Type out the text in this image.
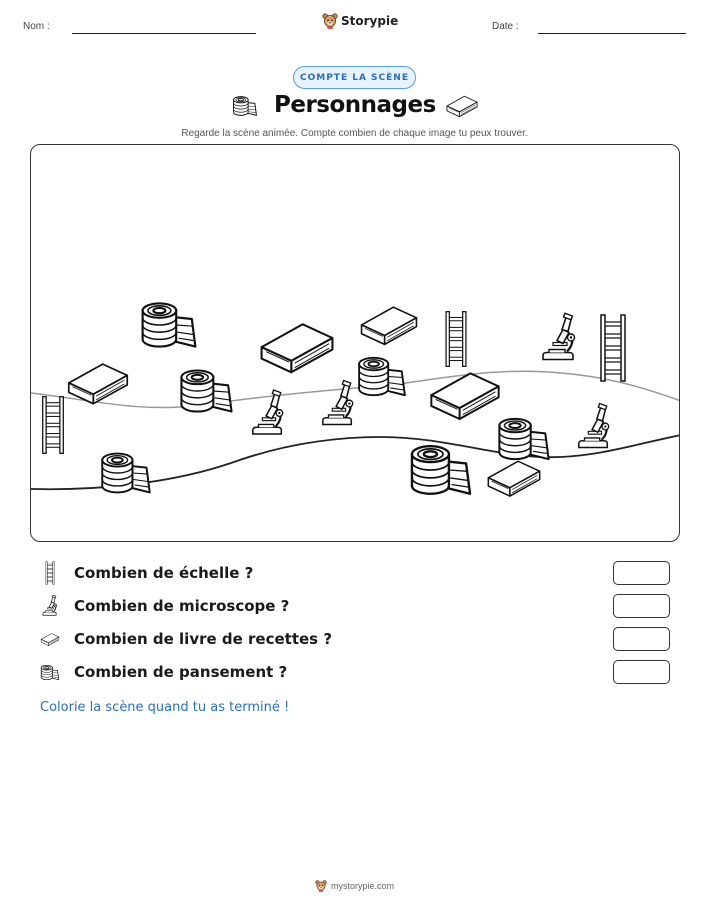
Nom :	Storypie	Date :
COMPTE LA SCÈNE
Personnages
Regarde la scène animée. Compte combien de chaque image tu peux trouver.
Combien de échelle ?
Combien de microscope ?
Combien de livre de recettes ?
Combien de pansement ?
Colorie la scène quand tu as terminé !
mystorypie.com
